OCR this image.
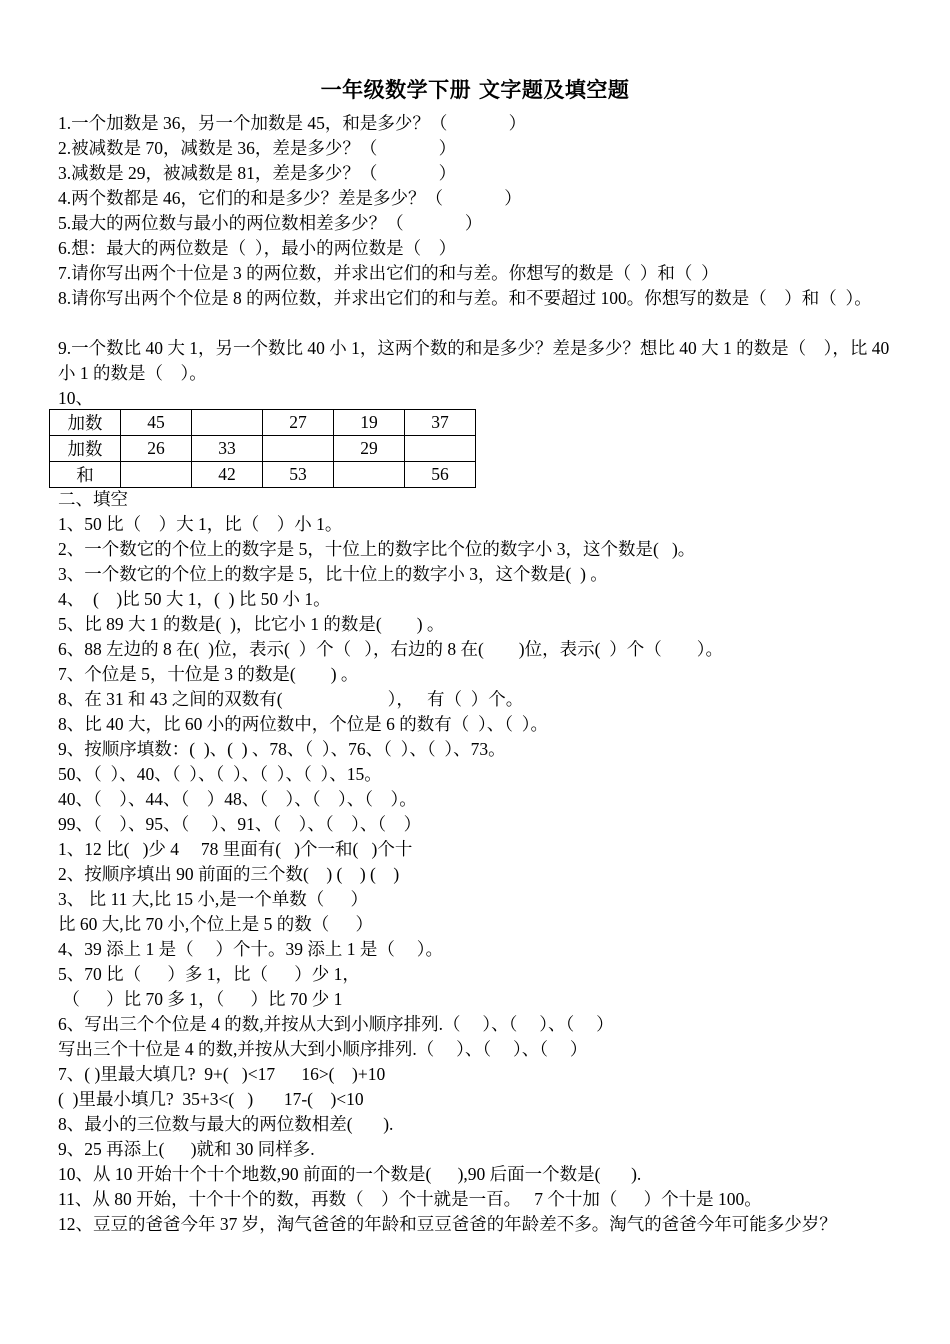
一年级数学下册 文字题及填空题
1.一个加数是 36，另一个加数是 45，和是多少？（              ）
2.被减数是 70，减数是 36，差是多少？（              ）
3.减数是 29，被减数是 81，差是多少？（              ）
4.两个数都是 46，它们的和是多少？差是多少？（              ）
5.最大的两位数与最小的两位数相差多少？（              ）
6.想：最大的两位数是（  ），最小的两位数是（    ）
7.请你写出两个十位是 3 的两位数，并求出它们的和与差。你想写的数是（  ）和（  ）
8.请你写出两个个位是 8 的两位数，并求出它们的和与差。和不要超过 100。你想写的数是（    ）和（  ）。
9.一个数比 40 大 1，另一个数比 40 小 1，这两个数的和是多少？差是多少？想比 40 大 1 的数是（    ），比 40 小 1 的数是（    ）。
10、
加数	45		27	19	37
加数	26	33		29	
和		42	53		56
二、填空
1、50 比（    ）大 1，比（    ）小 1。
2、一个数它的个位上的数字是 5，十位上的数字比个位的数字小 3，这个数是(   )。
3、一个数它的个位上的数字是 5，比十位上的数字小 3，这个数是(  ) 。
4、  (    )比 50 大 1，(  ) 比 50 小 1。
5、比 89 大 1 的数是(  )，比它小 1 的数是(        ) 。
6、88 左边的 8 在(  )位，表示(  ）个（   ），右边的 8 在(        )位，表示(  ）个（        ）。
7、个位是 5，十位是 3 的数是(        ) 。
8、在 31 和 43 之间的双数有(                        ），   有（  ）个。
8、比 40 大，比 60 小的两位数中，个位是 6 的数有（  ）、（  ）。
9、按顺序填数：(  )、(  ) 、78、（  ）、76、（  ）、（  ）、73。
50、（  ）、40、（  ）、（  ）、（  ）、（  ）、15。
40、（    ）、44、（    ）48、（    ）、（    ）、（    ）。
99、（    ）、95、（     ）、91、（    ）、（    ）、（    ）
1、12 比(   )少 4     78 里面有(   )个一和(   )个十
2、按顺序填出 90 前面的三个数(    ) (    ) (    )
3、 比 11 大,比 15 小,是一个单数（      ）
比 60 大,比 70 小,个位上是 5 的数（      ）
4、39 添上 1 是（     ）个十。39 添上 1 是（     ）。
5、70 比（      ）多 1，比（      ）少 1，
（      ）比 70 多 1，（      ）比 70 少 1
6、写出三个个位是 4 的数,并按从大到小顺序排列.（     ）、（     ）、（     ）
写出三个十位是 4 的数,并按从大到小顺序排列.（     ）、（     ）、（     ）
7、( )里最大填几?  9+(   )<17      16>(    )+10
(  )里最小填几?  35+3<(   )       17-(    )<10
8、最小的三位数与最大的两位数相差(       ).
9、25 再添上(      )就和 30 同样多.
10、从 10 开始十个十个地数,90 前面的一个数是(      ),90 后面一个数是(       ).
11、从 80 开始，十个十个的数，再数（    ）个十就是一百。   7 个十加（      ）个十是 100。
12、豆豆的爸爸今年 37 岁，淘气爸爸的年龄和豆豆爸爸的年龄差不多。淘气的爸爸今年可能多少岁？
